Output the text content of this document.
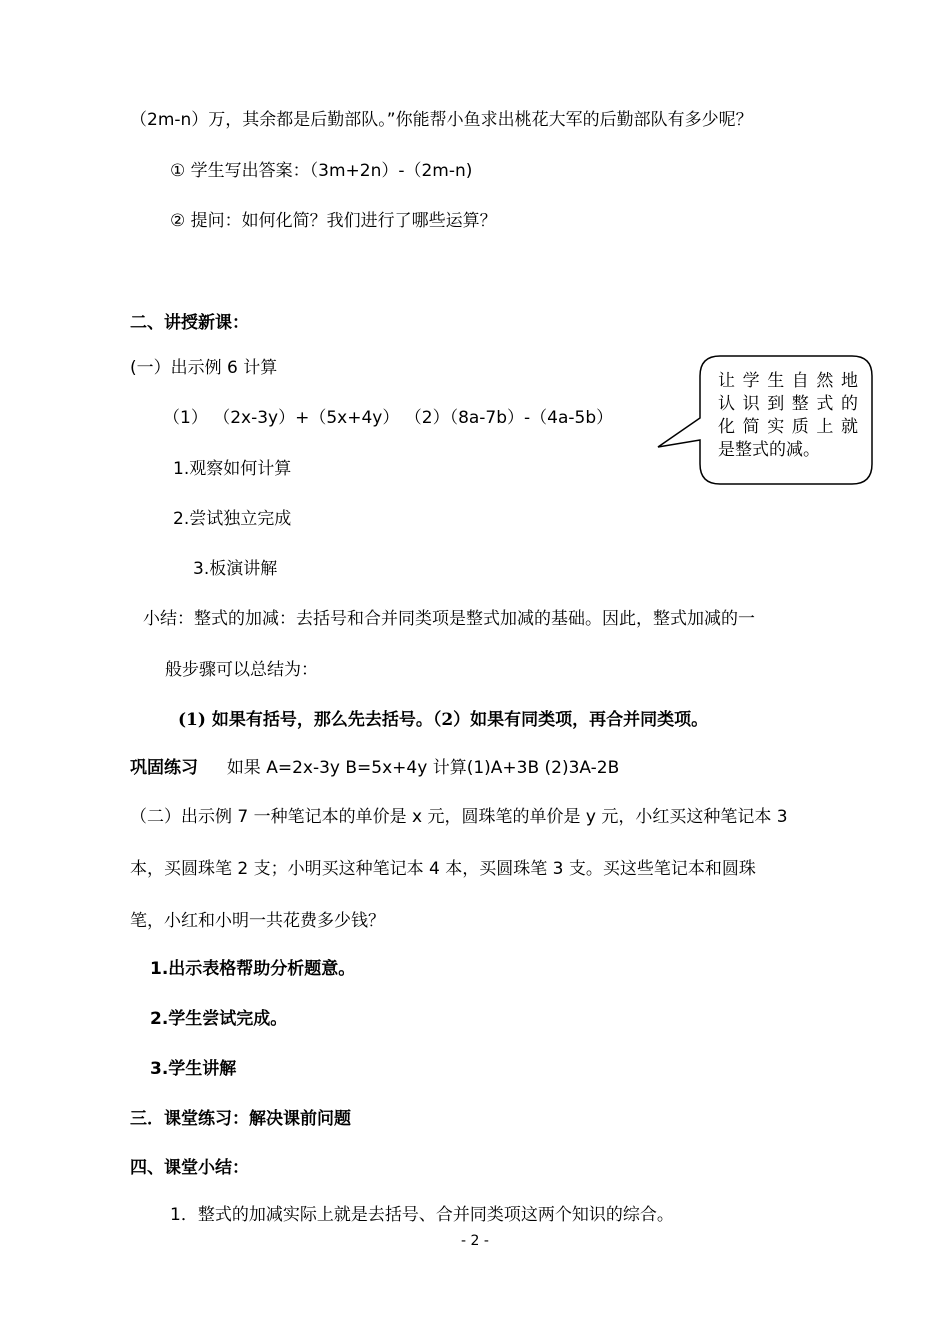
（2m-n）万，其余都是后勤部队。”你能帮小鱼求出桃花大军的后勤部队有多少呢？
① 学生写出答案：（3m+2n）-（2m-n)
② 提问：如何化简？我们进行了哪些运算？
二、讲授新课：
(一）出示例 6 计算
（1） （2x-3y）+（5x+4y） （2）（8a-7b）-（4a-5b）
1.观察如何计算
2.尝试独立完成
3.板演讲解
小结：整式的加减：去括号和合并同类项是整式加减的基础。因此，整式加减的一
般步骤可以总结为：
(1) 如果有括号，那么先去括号。（2）如果有同类项，再合并同类项。
巩固练习 如果 A=2x-3y B=5x+4y 计算(1)A+3B (2)3A-2B
（二）出示例 7 一种笔记本的单价是 x 元，圆珠笔的单价是 y 元，小红买这种笔记本 3
本，买圆珠笔 2 支；小明买这种笔记本 4 本，买圆珠笔 3 支。买这些笔记本和圆珠
笔，小红和小明一共花费多少钱？
1.出示表格帮助分析题意。
2.学生尝试完成。
3.学生讲解
三．课堂练习：解决课前问题
四、课堂小结：
1．整式的加减实际上就是去括号、合并同类项这两个知识的综合。
让学生自然地
认识到整式的
化简实质上就
是整式的减。
- 2 -
